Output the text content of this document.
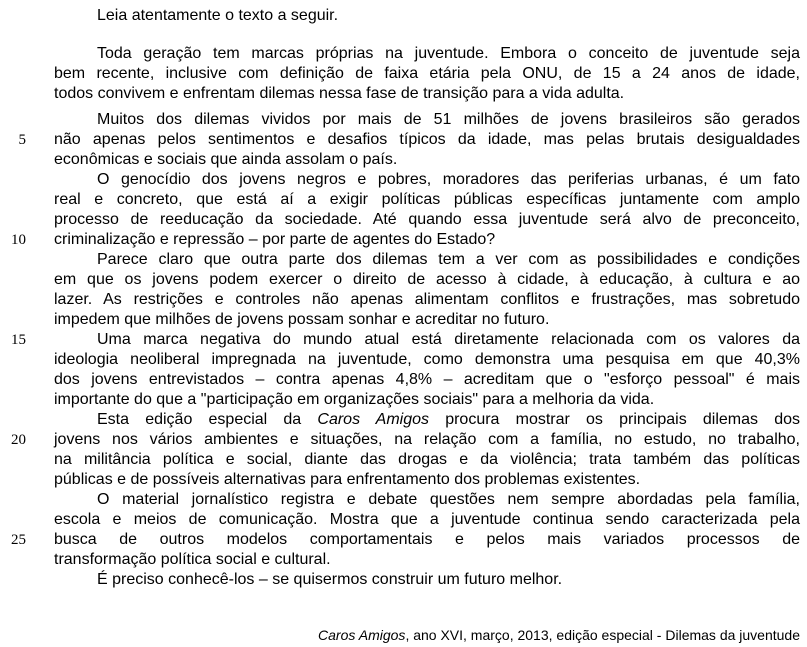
Leia atentamente o texto a seguir.
5
10
15
20
25
Toda geração tem marcas próprias na juventude. Embora o conceito de juventude seja
bem recente, inclusive com definição de faixa etária pela ONU, de 15 a 24 anos de idade,
todos convivem e enfrentam dilemas nessa fase de transição para a vida adulta.
Muitos dos dilemas vividos por mais de 51 milhões de jovens brasileiros são gerados
não apenas pelos sentimentos e desafios típicos da idade, mas pelas brutais desigualdades
econômicas e sociais que ainda assolam o país.
O genocídio dos jovens negros e pobres, moradores das periferias urbanas, é um fato
real e concreto, que está aí a exigir políticas públicas específicas juntamente com amplo
processo de reeducação da sociedade. Até quando essa juventude será alvo de preconceito,
criminalização e repressão – por parte de agentes do Estado?
Parece claro que outra parte dos dilemas tem a ver com as possibilidades e condições
em que os jovens podem exercer o direito de acesso à cidade, à educação, à cultura e ao
lazer. As restrições e controles não apenas alimentam conflitos e frustrações, mas sobretudo
impedem que milhões de jovens possam sonhar e acreditar no futuro.
Uma marca negativa do mundo atual está diretamente relacionada com os valores da
ideologia neoliberal impregnada na juventude, como demonstra uma pesquisa em que 40,3%
dos jovens entrevistados – contra apenas 4,8% – acreditam que o "esforço pessoal" é mais
importante do que a "participação em organizações sociais" para a melhoria da vida.
Esta edição especial da Caros Amigos procura mostrar os principais dilemas dos
jovens nos vários ambientes e situações, na relação com a família, no estudo, no trabalho,
na militância política e social, diante das drogas e da violência; trata também das políticas
públicas e de possíveis alternativas para enfrentamento dos problemas existentes.
O material jornalístico registra e debate questões nem sempre abordadas pela família,
escola e meios de comunicação. Mostra que a juventude continua sendo caracterizada pela
busca de outros modelos comportamentais e pelos mais variados processos de
transformação política social e cultural.
É preciso conhecê-los – se quisermos construir um futuro melhor.
Caros Amigos, ano XVI, março, 2013, edição especial - Dilemas da juventude
